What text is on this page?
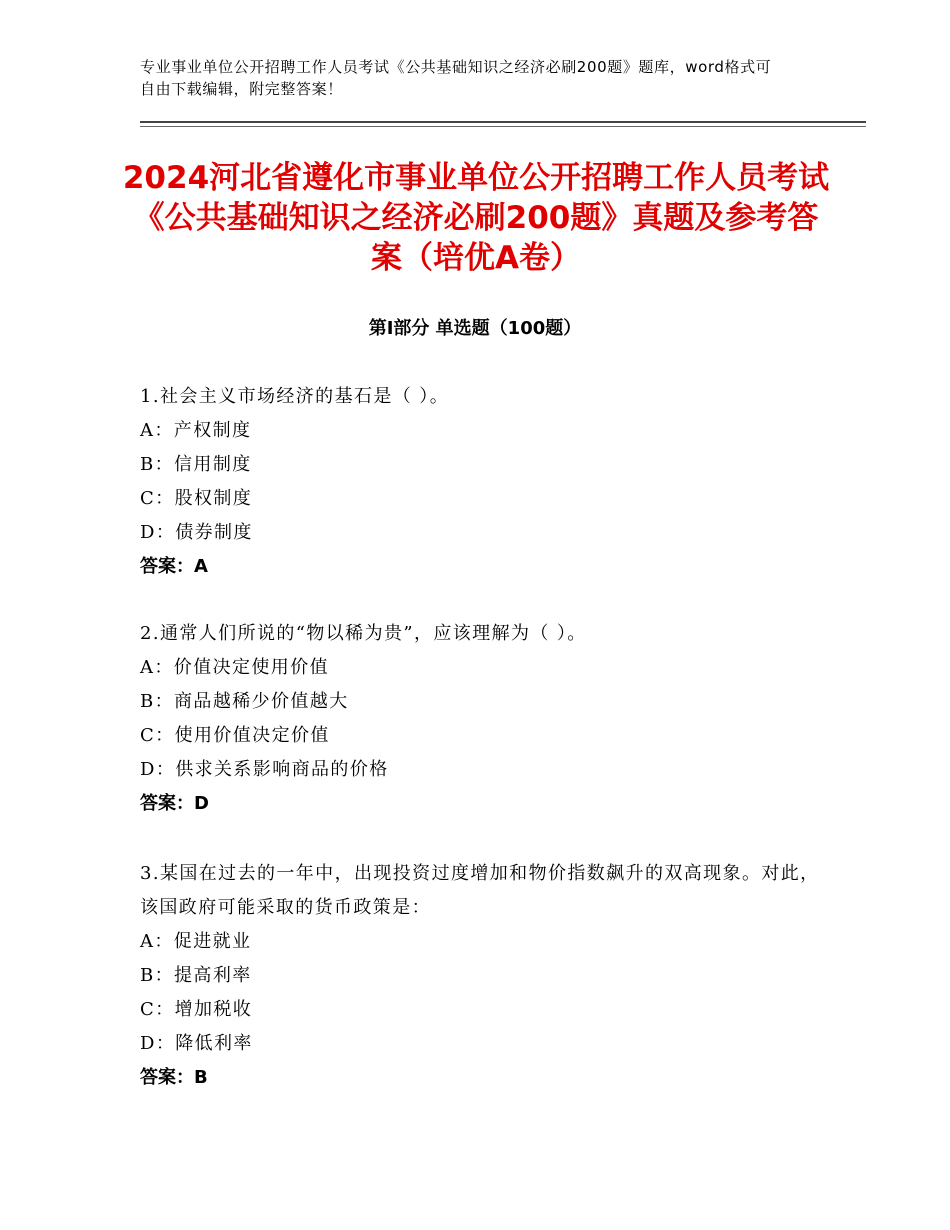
专业事业单位公开招聘工作人员考试《公共基础知识之经济必刷200题》题库，word格式可自由下载编辑，附完整答案！
2024河北省遵化市事业单位公开招聘工作人员考试《公共基础知识之经济必刷200题》真题及参考答案（培优A卷）
第Ⅰ部分 单选题（100题）

1.社会主义市场经济的基石是（ ）。

A：产权制度

B：信用制度

C：股权制度

D：债券制度

答案：A

2.通常人们所说的“物以稀为贵”，应该理解为（ ）。

A：价值决定使用价值

B：商品越稀少价值越大

C：使用价值决定价值

D：供求关系影响商品的价格

答案：D

3.某国在过去的一年中，出现投资过度增加和物价指数飙升的双高现象。对此，该国政府可能采取的货币政策是：

A：促进就业

B：提高利率

C：增加税收

D：降低利率

答案：B
